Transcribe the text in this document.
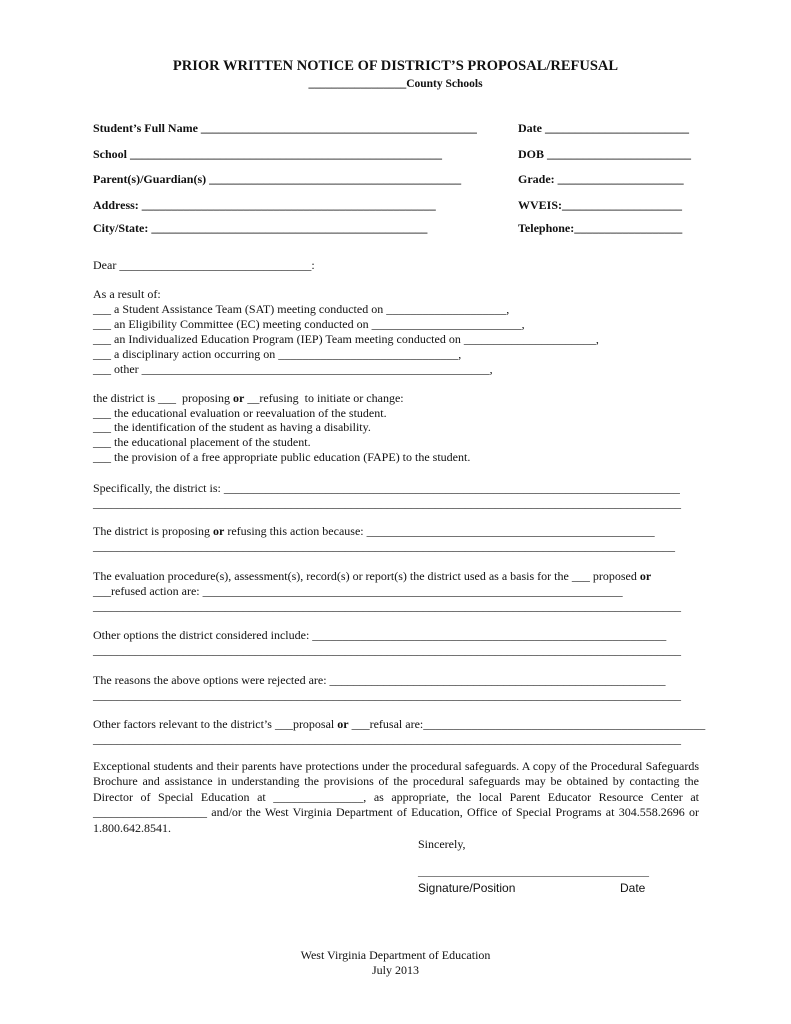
PRIOR WRITTEN NOTICE OF DISTRICT’S PROPOSAL/REFUSAL
_________________County Schools
Student’s Full Name ______________________________________________	Date ________________________
School ____________________________________________________	DOB ________________________
Parent(s)/Guardian(s) __________________________________________	Grade: _____________________
Address: _________________________________________________	WVEIS:____________________
City/State: ______________________________________________	Telephone:__________________
Dear ________________________________:
As a result of:
___ a Student Assistance Team (SAT) meeting conducted on ____________________,
___ an Eligibility Committee (EC) meeting conducted on _________________________,
___ an Individualized Education Program (IEP) Team meeting conducted on ______________________,
___ a disciplinary action occurring on ______________________________,
___ other __________________________________________________________,
the district is ___  proposing or __refusing  to initiate or change:
___ the educational evaluation or reevaluation of the student.
___ the identification of the student as having a disability.
___ the educational placement of the student.
___ the provision of a free appropriate public education (FAPE) to the student.
Specifically, the district is: ____________________________________________________________________________
__________________________________________________________________________________________________
The district is proposing or refusing this action because: ________________________________________________
_________________________________________________________________________________________________
The evaluation procedure(s), assessment(s), record(s) or report(s) the district used as a basis for the ___ proposed or
___refused action are: ______________________________________________________________________
__________________________________________________________________________________________________
Other options the district considered include: ___________________________________________________________
__________________________________________________________________________________________________
The reasons the above options were rejected are: ________________________________________________________
__________________________________________________________________________________________________
Other factors relevant to the district’s ___proposal or ___refusal are:_______________________________________________
__________________________________________________________________________________________________
Exceptional students and their parents have protections under the procedural safeguards. A copy of the Procedural Safeguards Brochure and assistance in understanding the provisions of the procedural safeguards may be obtained by contacting the Director of Special Education at _______________, as appropriate, the local Parent Educator Resource Center at ___________________ and/or the West Virginia Department of Education, Office of Special Programs at 304.558.2696 or 1.800.642.8541.
Sincerely,
__________________________________________
Signature/Position	Date
West Virginia Department of Education
July 2013
